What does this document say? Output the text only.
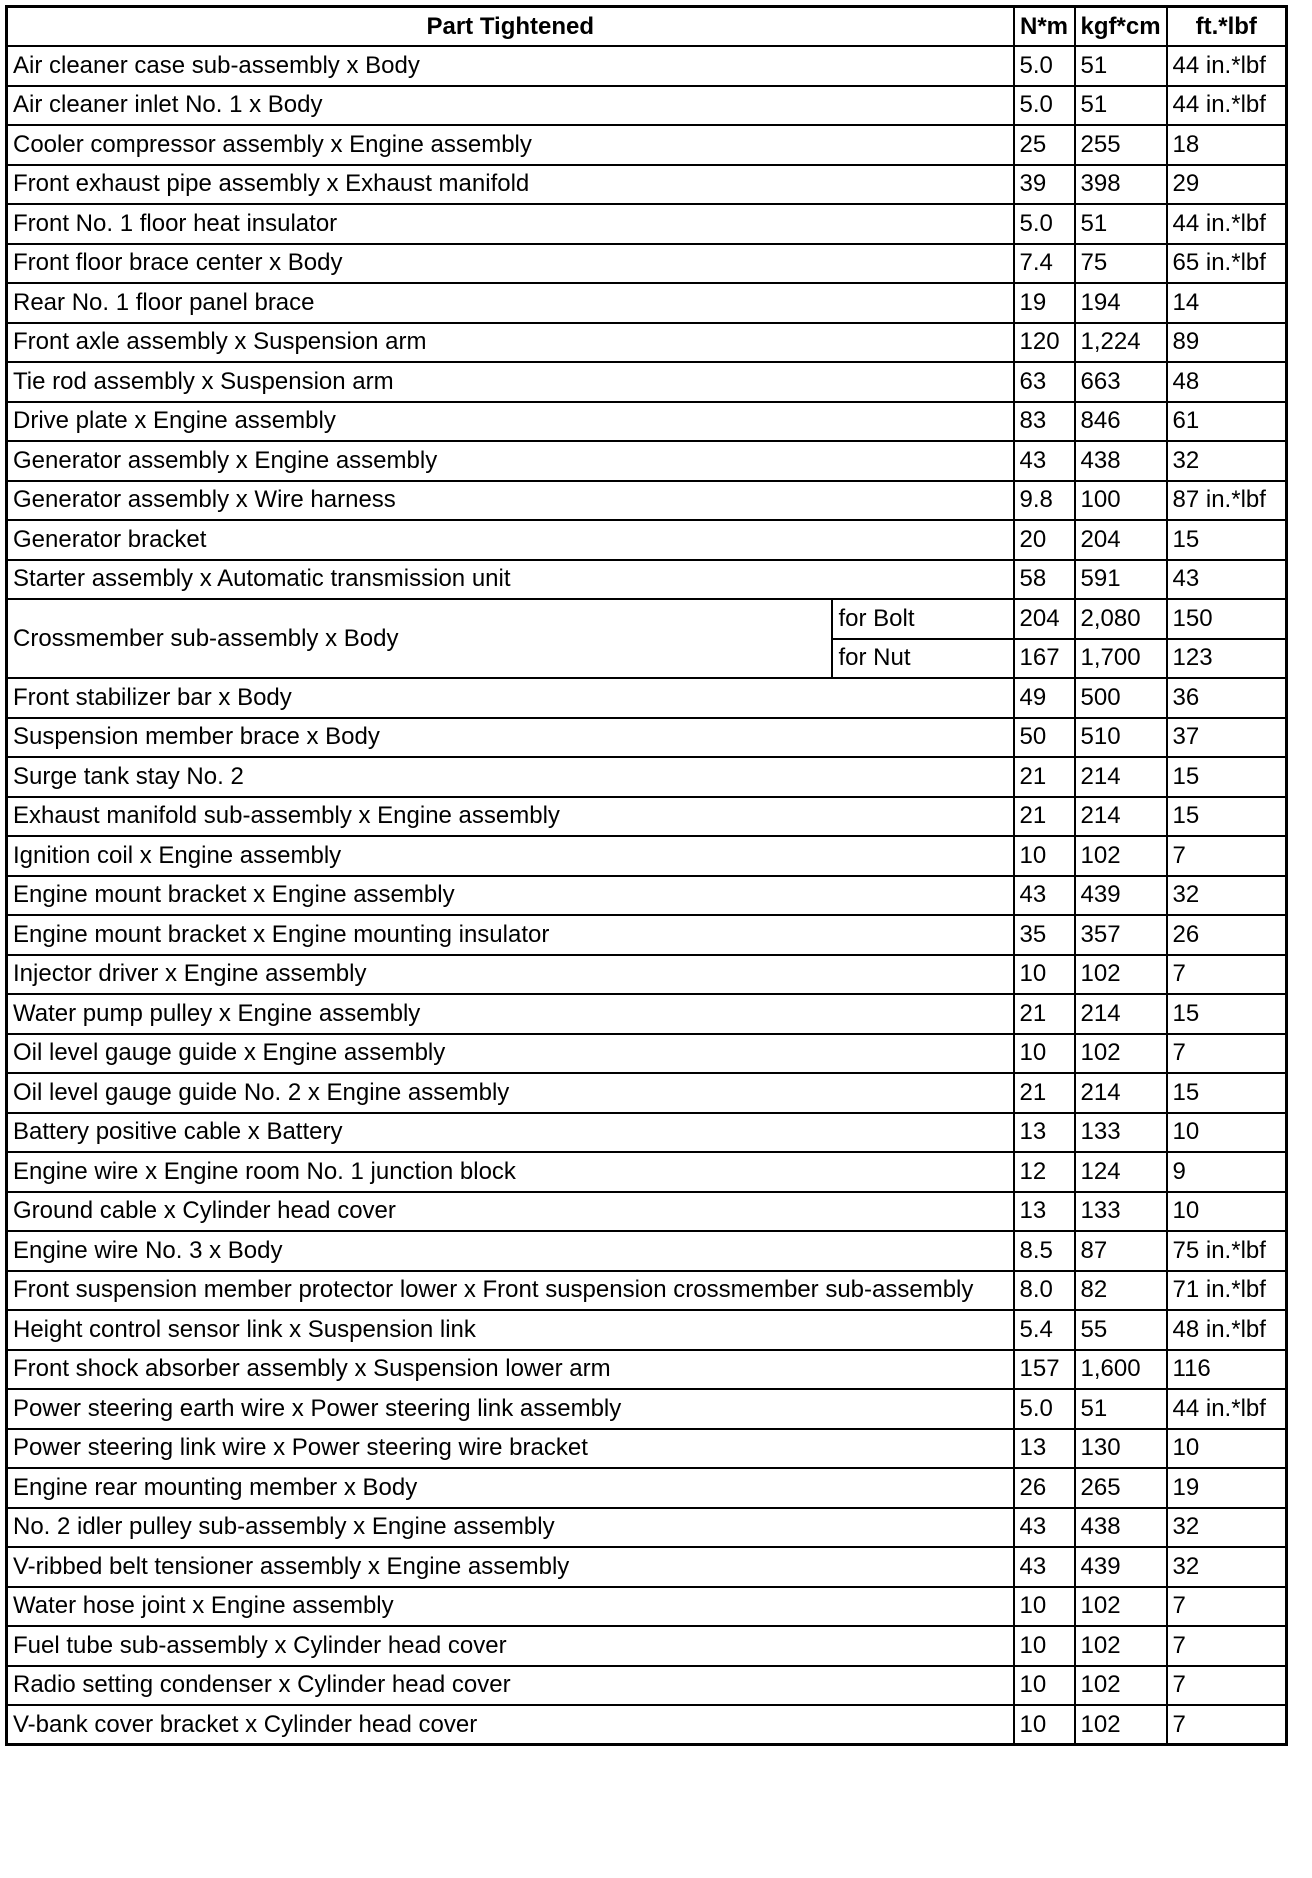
Part Tightened		N*m	kgf*cm	ft.*lbf
Air cleaner case sub-assembly x Body		5.0	51	44 in.*lbf
Air cleaner inlet No. 1 x Body		5.0	51	44 in.*lbf
Cooler compressor assembly x Engine assembly		25	255	18
Front exhaust pipe assembly x Exhaust manifold		39	398	29
Front No. 1 floor heat insulator		5.0	51	44 in.*lbf
Front floor brace center x Body		7.4	75	65 in.*lbf
Rear No. 1 floor panel brace		19	194	14
Front axle assembly x Suspension arm		120	1,224	89
Tie rod assembly x Suspension arm		63	663	48
Drive plate x Engine assembly		83	846	61
Generator assembly x Engine assembly		43	438	32
Generator assembly x Wire harness		9.8	100	87 in.*lbf
Generator bracket		20	204	15
Starter assembly x Automatic transmission unit		58	591	43
Crossmember sub-assembly x Body	for Bolt	204	2,080	150
	for Nut	167	1,700	123
Front stabilizer bar x Body		49	500	36
Suspension member brace x Body		50	510	37
Surge tank stay No. 2		21	214	15
Exhaust manifold sub-assembly x Engine assembly		21	214	15
Ignition coil x Engine assembly		10	102	7
Engine mount bracket x Engine assembly		43	439	32
Engine mount bracket x Engine mounting insulator		35	357	26
Injector driver x Engine assembly		10	102	7
Water pump pulley x Engine assembly		21	214	15
Oil level gauge guide x Engine assembly		10	102	7
Oil level gauge guide No. 2 x Engine assembly		21	214	15
Battery positive cable x Battery		13	133	10
Engine wire x Engine room No. 1 junction block		12	124	9
Ground cable x Cylinder head cover		13	133	10
Engine wire No. 3 x Body		8.5	87	75 in.*lbf
Front suspension member protector lower x Front suspension crossmember sub-assembly		8.0	82	71 in.*lbf
Height control sensor link x Suspension link		5.4	55	48 in.*lbf
Front shock absorber assembly x Suspension lower arm		157	1,600	116
Power steering earth wire x Power steering link assembly		5.0	51	44 in.*lbf
Power steering link wire x Power steering wire bracket		13	130	10
Engine rear mounting member x Body		26	265	19
No. 2 idler pulley sub-assembly x Engine assembly		43	438	32
V-ribbed belt tensioner assembly x Engine assembly		43	439	32
Water hose joint x Engine assembly		10	102	7
Fuel tube sub-assembly x Cylinder head cover		10	102	7
Radio setting condenser x Cylinder head cover		10	102	7
V-bank cover bracket x Cylinder head cover		10	102	7
